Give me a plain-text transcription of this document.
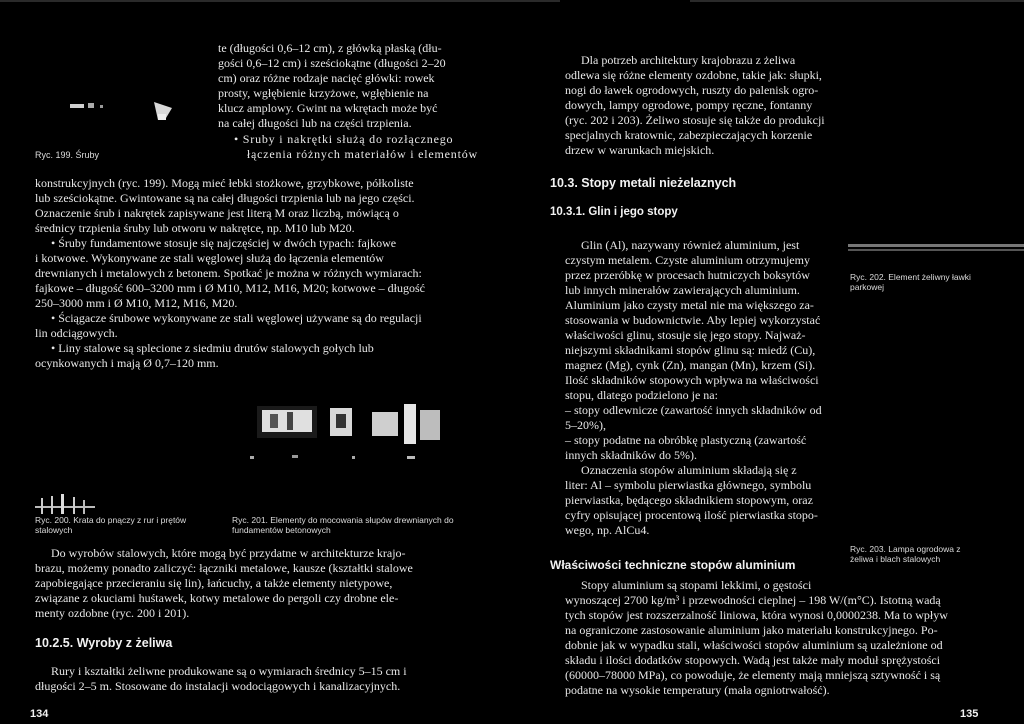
te (długości 0,6–12 cm), z główką płaską (dłu-

gości 0,6–12 cm) i sześciokątne (długości 2–20

cm) oraz różne rodzaje nacięć główki: rowek

prosty, wgłębienie krzyżowe, wgłębienie na

klucz amplowy. Gwint na wkrętach może być

na całej długości lub na części trzpienia.

• Sruby i nakrętki służą do rozłącznego

łączenia różnych materiałów i elementów

Ryc. 199. Śruby

konstrukcyjnych (ryc. 199). Mogą mieć łebki stożkowe, grzybkowe, półkoliste

lub sześciokątne. Gwintowane są na całej długości trzpienia lub na jego części.

Oznaczenie śrub i nakrętek zapisywane jest literą M oraz liczbą, mówiącą o

średnicy trzpienia śruby lub otworu w nakrętce, np. M10 lub M20.

• Śruby fundamentowe stosuje się najczęściej w dwóch typach: fajkowe

i kotwowe. Wykonywane ze stali węglowej służą do łączenia elementów

drewnianych i metalowych z betonem. Spotkać je można w różnych wymiarach:

fajkowe – długość 600–3200 mm i Ø M10, M12, M16, M20; kotwowe – długość

250–3000 mm i Ø M10, M12, M16, M20.

• Ściągacze śrubowe wykonywane ze stali węglowej używane są do regulacji

lin odciągowych.

• Liny stalowe są splecione z siedmiu drutów stalowych gołych lub

ocynkowanych i mają Ø 0,7–120 mm.

Ryc. 200. Krata do pnączy z rur i prętów stalowych
Ryc. 201. Elementy do mocowania słupów drewnianych do fundamentów betonowych

Do wyrobów stalowych, które mogą być przydatne w architekturze krajo-

brazu, możemy ponadto zaliczyć: łączniki metalowe, kausze (kształtki stalowe

zapobiegające przecieraniu się lin), łańcuchy, a także elementy nietypowe,

związane z okuciami huśtawek, kotwy metalowe do pergoli czy drobne ele-

menty ozdobne (ryc. 200 i 201).

10.2.5. Wyroby z żeliwa

Rury i kształtki żeliwne produkowane są o wymiarach średnicy 5–15 cm i

długości 2–5 m. Stosowane do instalacji wodociągowych i kanalizacyjnych.

134

Dla potrzeb architektury krajobrazu z żeliwa

odlewa się różne elementy ozdobne, takie jak: słupki,

nogi do ławek ogrodowych, ruszty do palenisk ogro-

dowych, lampy ogrodowe, pompy ręczne, fontanny

(ryc. 202 i 203). Żeliwo stosuje się także do produkcji

specjalnych kratownic, zabezpieczających korzenie

drzew w warunkach miejskich.

10.3. Stopy metali nieżelaznych
10.3.1. Glin i jego stopy

Glin (Al), nazywany również aluminium, jest

czystym metalem. Czyste aluminium otrzymujemy

przez przeróbkę w procesach hutniczych boksytów

lub innych minerałów zawierających aluminium.

Aluminium jako czysty metal nie ma większego za-

stosowania w budownictwie. Aby lepiej wykorzystać

właściwości glinu, stosuje się jego stopy. Najważ-

niejszymi składnikami stopów glinu są: miedź (Cu),

magnez (Mg), cynk (Zn), mangan (Mn), krzem (Si).

Ilość składników stopowych wpływa na właściwości

stopu, dlatego podzielono je na:

– stopy odlewnicze (zawartość innych składników od

5–20%),

– stopy podatne na obróbkę plastyczną (zawartość

innych składników do 5%).

Oznaczenia stopów aluminium składają się z

liter: Al – symbolu pierwiastka głównego, symbolu

pierwiastka, będącego składnikiem stopowym, oraz

cyfry opisującej procentową ilość pierwiastka stopo-

wego, np. AlCu4.

Ryc. 202. Element żeliwny ławki parkowej
Ryc. 203. Lampa ogrodowa z żeliwa i blach stalowych
Właściwości techniczne stopów aluminium

Stopy aluminium są stopami lekkimi, o gęstości

wynoszącej 2700 kg/m³ i przewodności cieplnej – 198 W/(m°C). Istotną wadą

tych stopów jest rozszerzalność liniowa, która wynosi 0,0000238. Ma to wpływ

na ograniczone zastosowanie aluminium jako materiału konstrukcyjnego. Po-

dobnie jak w wypadku stali, właściwości stopów aluminium są uzależnione od

składu i ilości dodatków stopowych. Wadą jest także mały moduł sprężystości

(60000–78000 MPa), co powoduje, że elementy mają mniejszą sztywność i są

podatne na wysokie temperatury (mała ogniotrwałość).

135
